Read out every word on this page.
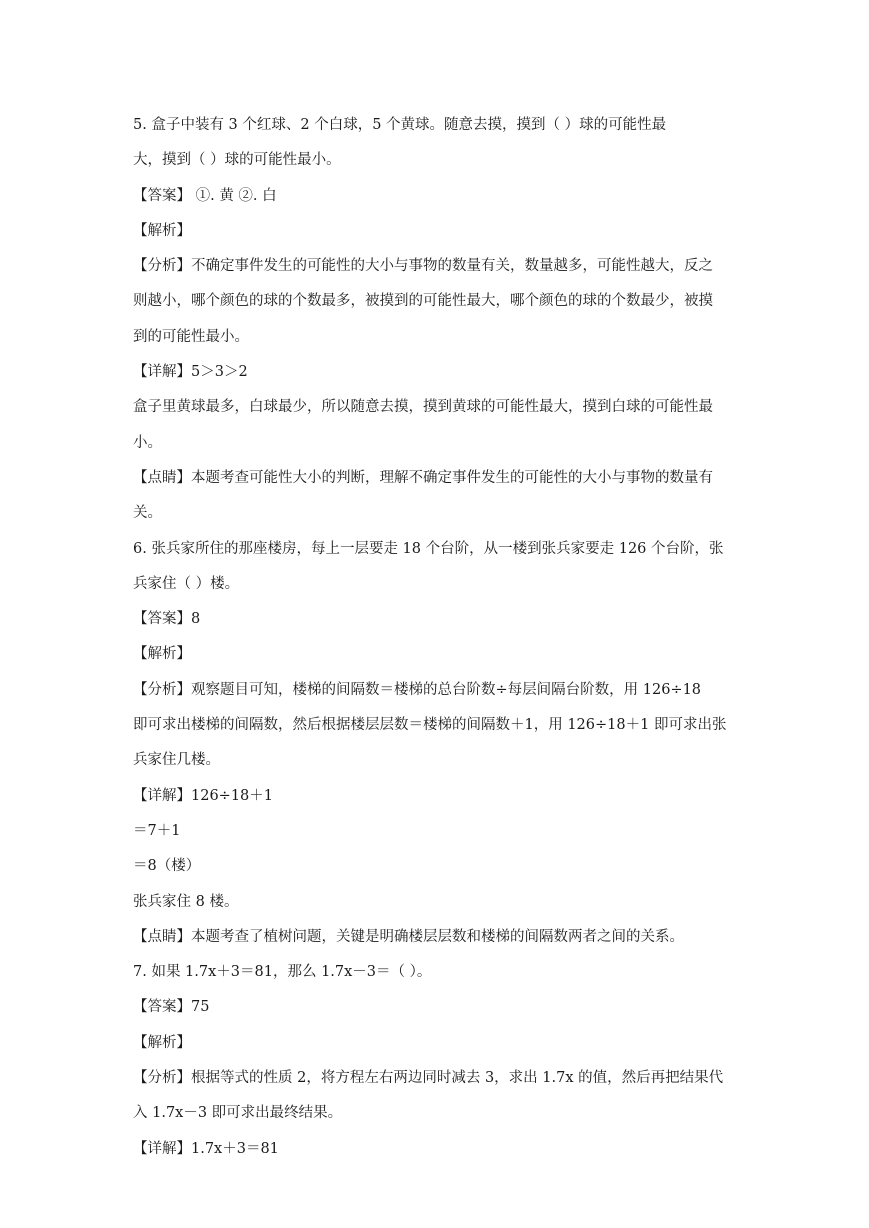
5. 盒子中装有 3 个红球、2 个白球，5 个黄球。随意去摸，摸到（ ）球的可能性最
大，摸到（ ）球的可能性最小。
【答案】 ①. 黄 ②. 白
【解析】
【分析】不确定事件发生的可能性的大小与事物的数量有关，数量越多，可能性越大，反之
则越小，哪个颜色的球的个数最多，被摸到的可能性最大，哪个颜色的球的个数最少，被摸
到的可能性最小。
【详解】5＞3＞2
盒子里黄球最多，白球最少，所以随意去摸，摸到黄球的可能性最大，摸到白球的可能性最
小。
【点睛】本题考查可能性大小的判断，理解不确定事件发生的可能性的大小与事物的数量有
关。
6. 张兵家所住的那座楼房，每上一层要走 18 个台阶，从一楼到张兵家要走 126 个台阶，张
兵家住（ ）楼。
【答案】8
【解析】
【分析】观察题目可知，楼梯的间隔数＝楼梯的总台阶数÷每层间隔台阶数，用 126÷18
即可求出楼梯的间隔数，然后根据楼层层数＝楼梯的间隔数＋1，用 126÷18＋1 即可求出张
兵家住几楼。
【详解】126÷18＋1
＝7＋1
＝8（楼）
张兵家住 8 楼。
【点睛】本题考查了植树问题，关键是明确楼层层数和楼梯的间隔数两者之间的关系。
7. 如果 1.7x＋3＝81，那么 1.7x－3＝（ ）。
【答案】75
【解析】
【分析】根据等式的性质 2，将方程左右两边同时减去 3，求出 1.7x 的值，然后再把结果代
入 1.7x－3 即可求出最终结果。
【详解】1.7x＋3＝81
